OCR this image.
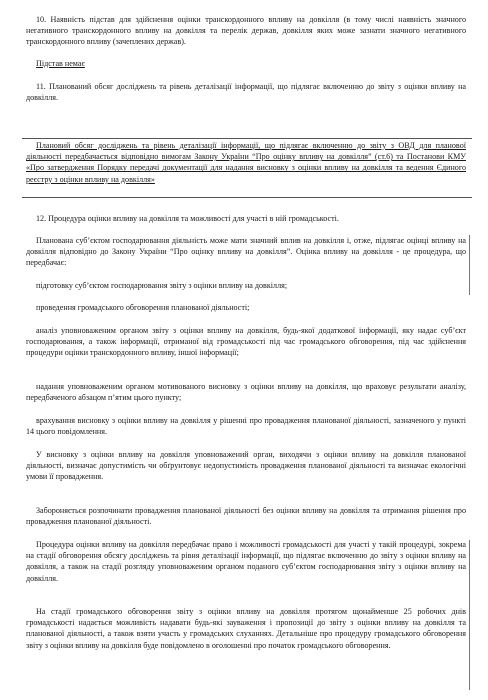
10. Наявність підстав для здійснення оцінки транскордонного впливу на довкілля (в тому числі наявність значного негативного транскордонного впливу на довкілля та перелік держав, довкілля яких може зазнати значного негативного транскордонного впливу (зачеплених держав).

Підстав немає

11. Планований обсяг досліджень та рівень деталізації інформації, що підлягає включенню до звіту з оцінки впливу на довкілля.

Плановий обсяг досліджень та рівень деталізації інформації, що підлягає включенню до звіту з ОВД для планової діяльності передбачається відповідно вимогам Закону України “Про оцінку впливу на довкілля” (ст.6) та Постанови КМУ «Про затвердження Порядку передачі документації для надання висновку з оцінки впливу на довкілля та ведення Єдиного реєстру з оцінки впливу на довкілля»

12. Процедура оцінки впливу на довкілля та можливості для участі в ній громадськості.

Планована суб’єктом господарювання діяльність може мати значний вплив на довкілля і, отже, підлягає оцінці впливу на довкілля відповідно до Закону України “Про оцінку впливу на довкілля”. Оцінка впливу на довкілля - це процедура, що передбачає:

підготовку суб’єктом господарювання звіту з оцінки впливу на довкілля;

проведення громадського обговорення планованої діяльності;

аналіз уповноваженим органом звіту з оцінки впливу на довкілля, будь-якої додаткової інформації, яку надає суб’єкт господарювання, а також інформації, отриманої від громадськості під час громадського обговорення, під час здійснення процедури оцінки транскордонного впливу, іншої інформації;

надання уповноваженим органом мотивованого висновку з оцінки впливу на довкілля, що враховує результати аналізу, передбаченого абзацом п’ятим цього пункту;

врахування висновку з оцінки впливу на довкілля у рішенні про провадження планованої діяльності, зазначеного у пункті 14 цього повідомлення.

У висновку з оцінки впливу на довкілля уповноважений орган, виходячи з оцінки впливу на довкілля планованої діяльності, визначає допустимість чи обґрунтовує недопустимість провадження планованої діяльності та визначає екологічні умови її провадження.

Забороняється розпочинати провадження планованої діяльності без оцінки впливу на довкілля та отримання рішення про провадження планованої діяльності.

Процедура оцінки впливу на довкілля передбачає право і можливості громадськості для участі у такій процедурі, зокрема на стадії обговорення обсягу досліджень та рівня деталізації інформації, що підлягає включенню до звіту з оцінки впливу на довкілля, а також на стадії розгляду уповноваженим органом поданого суб’єктом господарювання звіту з оцінки впливу на довкілля.

На стадії громадського обговорення звіту з оцінки впливу на довкілля протягом щонайменше 25 робочих днів громадськості надається можливість надавати будь-які зауваження і пропозиції до звіту з оцінки впливу на довкілля та планованої діяльності, а також взяти участь у громадських слуханнях. Детальніше про процедуру громадського обговорення звіту з оцінки впливу на довкілля буде повідомлено в оголошенні про початок громадського обговорення.
